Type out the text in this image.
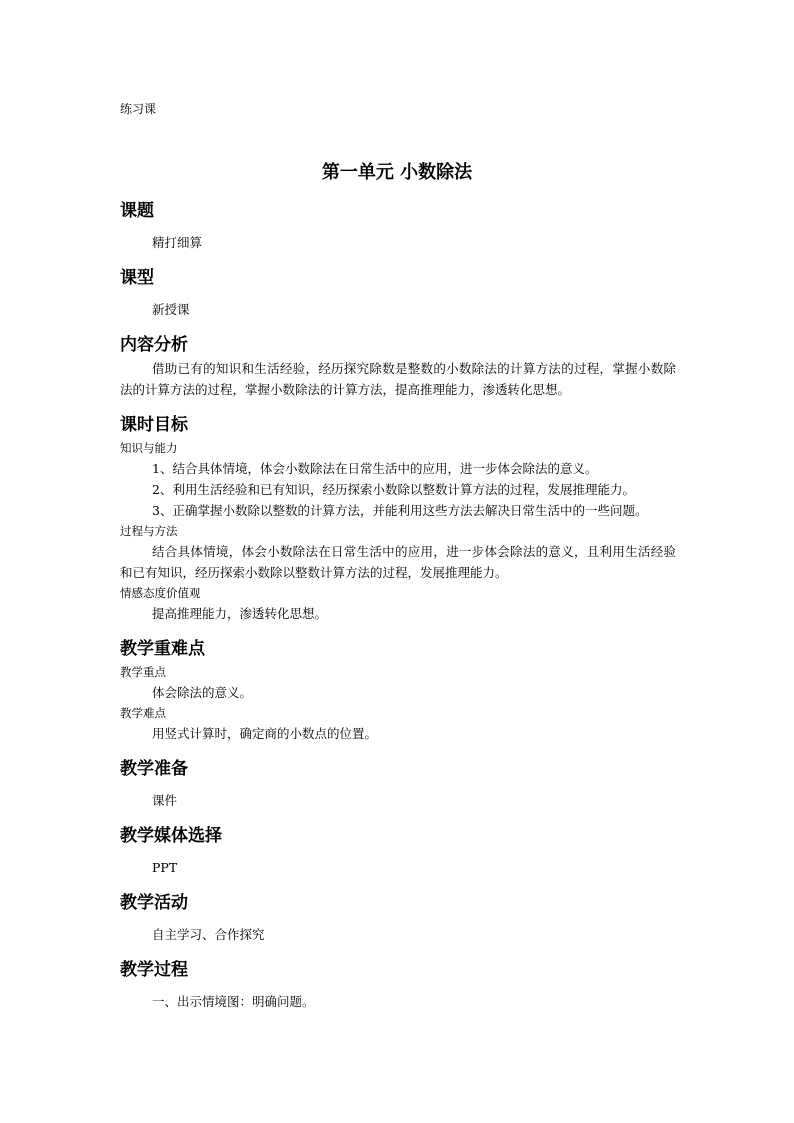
练习课
第一单元 小数除法
课题

精打细算

课型

新授课

内容分析

借助已有的知识和生活经验，经历探究除数是整数的小数除法的计算方法的过程，掌握小数除法的计算方法的过程，掌握小数除法的计算方法，提高推理能力，渗透转化思想。

课时目标

知识与能力

1、结合具体情境，体会小数除法在日常生活中的应用，进一步体会除法的意义。

2、利用生活经验和已有知识，经历探索小数除以整数计算方法的过程，发展推理能力。

3、正确掌握小数除以整数的计算方法，并能利用这些方法去解决日常生活中的一些问题。

过程与方法

结合具体情境，体会小数除法在日常生活中的应用，进一步体会除法的意义，且利用生活经验和已有知识，经历探索小数除以整数计算方法的过程，发展推理能力。

情感态度价值观

提高推理能力，渗透转化思想。

教学重难点

教学重点

体会除法的意义。

教学难点

用竖式计算时，确定商的小数点的位置。

教学准备

课件

教学媒体选择

PPT

教学活动

自主学习、合作探究

教学过程

一、出示情境图：明确问题。
